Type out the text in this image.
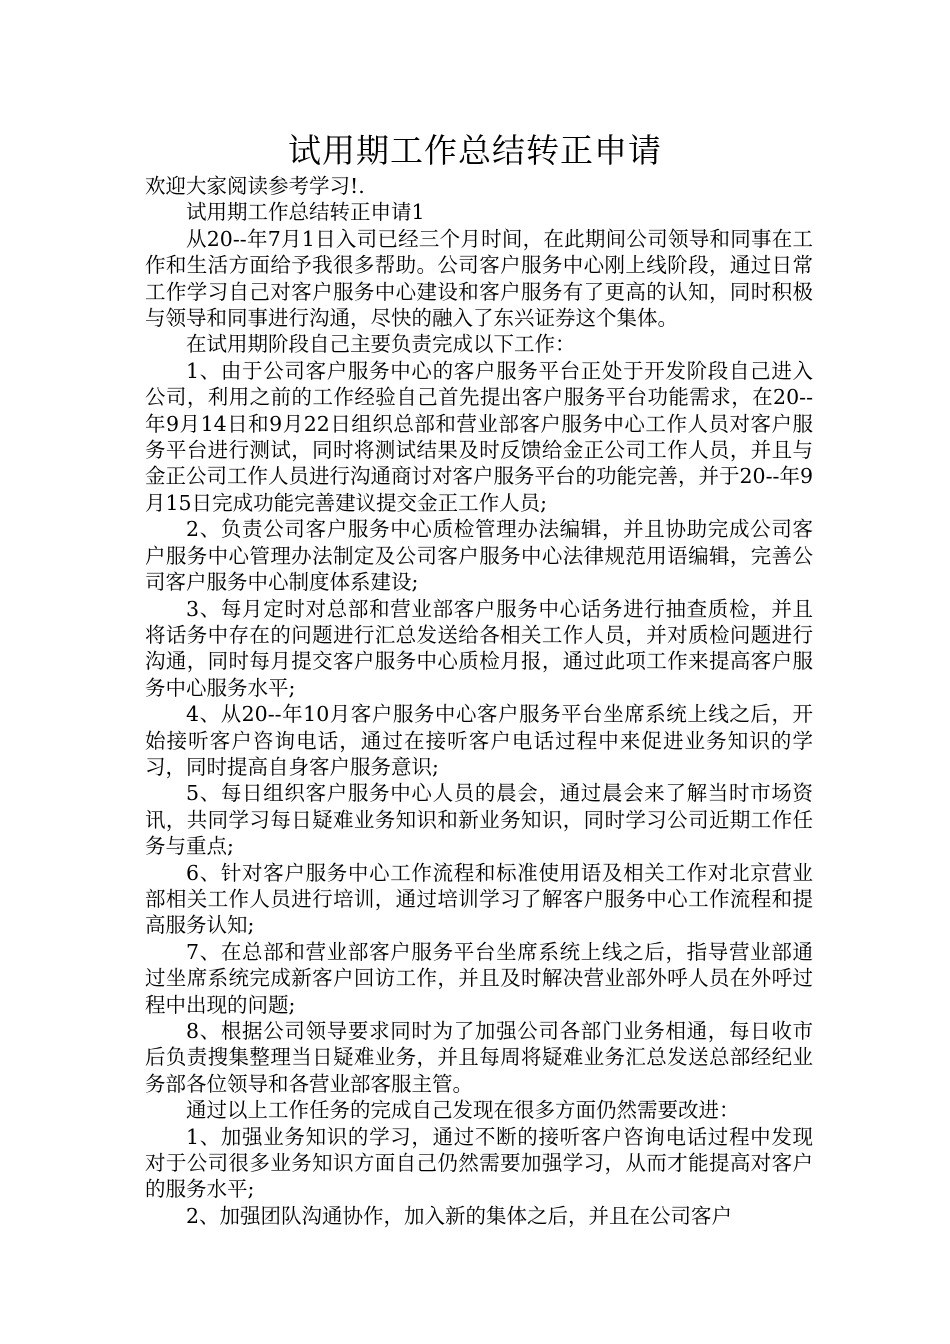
试用期工作总结转正申请

欢迎大家阅读参考学习!.

试用期工作总结转正申请1

从20--年7月1日入司已经三个月时间，在此期间公司领导和同事在工作和生活方面给予我很多帮助。公司客户服务中心刚上线阶段，通过日常工作学习自己对客户服务中心建设和客户服务有了更高的认知，同时积极与领导和同事进行沟通，尽快的融入了东兴证券这个集体。

在试用期阶段自己主要负责完成以下工作：

1、由于公司客户服务中心的客户服务平台正处于开发阶段自己进入公司，利用之前的工作经验自己首先提出客户服务平台功能需求，在20--年9月14日和9月22日组织总部和营业部客户服务中心工作人员对客户服务平台进行测试，同时将测试结果及时反馈给金正公司工作人员，并且与金正公司工作人员进行沟通商讨对客户服务平台的功能完善，并于20--年9月15日完成功能完善建议提交金正工作人员;

2、负责公司客户服务中心质检管理办法编辑，并且协助完成公司客户服务中心管理办法制定及公司客户服务中心法律规范用语编辑，完善公司客户服务中心制度体系建设;

3、每月定时对总部和营业部客户服务中心话务进行抽查质检，并且将话务中存在的问题进行汇总发送给各相关工作人员，并对质检问题进行沟通，同时每月提交客户服务中心质检月报，通过此项工作来提高客户服务中心服务水平;

4、从20--年10月客户服务中心客户服务平台坐席系统上线之后，开始接听客户咨询电话，通过在接听客户电话过程中来促进业务知识的学习，同时提高自身客户服务意识;

5、每日组织客户服务中心人员的晨会，通过晨会来了解当时市场资讯，共同学习每日疑难业务知识和新业务知识，同时学习公司近期工作任务与重点;

6、针对客户服务中心工作流程和标准使用语及相关工作对北京营业部相关工作人员进行培训，通过培训学习了解客户服务中心工作流程和提高服务认知;

7、在总部和营业部客户服务平台坐席系统上线之后，指导营业部通过坐席系统完成新客户回访工作，并且及时解决营业部外呼人员在外呼过程中出现的问题;

8、根据公司领导要求同时为了加强公司各部门业务相通，每日收市后负责搜集整理当日疑难业务，并且每周将疑难业务汇总发送总部经纪业务部各位领导和各营业部客服主管。

通过以上工作任务的完成自己发现在很多方面仍然需要改进：

1、加强业务知识的学习，通过不断的接听客户咨询电话过程中发现对于公司很多业务知识方面自己仍然需要加强学习，从而才能提高对客户的服务水平;

2、加强团队沟通协作，加入新的集体之后，并且在公司客户
